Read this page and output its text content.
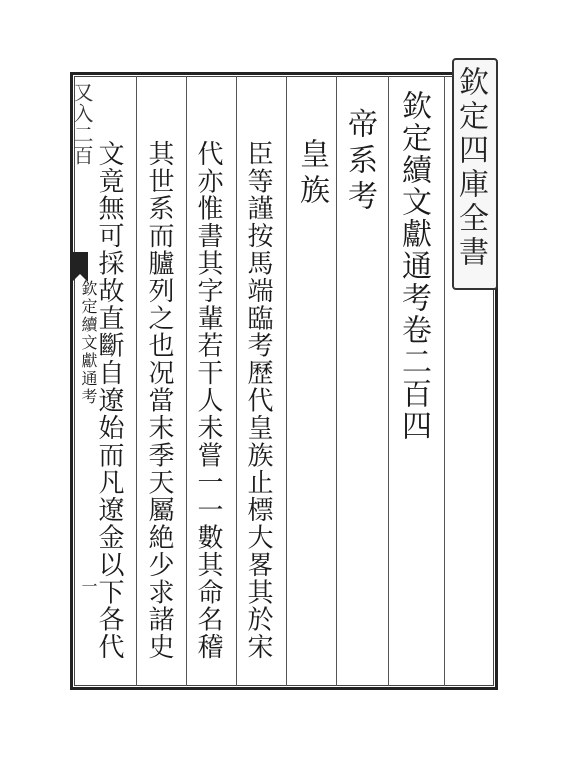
欽定四庫全書
欽定續文獻通考卷二百四
帝系考
皇族
臣等謹按馬端臨考歷代皇族止標大畧其於宋
代亦惟書其字輩若干人未嘗一一數其命名稽
其世系而臚列之也况當末季天屬絶少求諸史
文竟無可採故直斷自遼始而凡遼金以下各代
又入二百
欽定續文獻通考
一
